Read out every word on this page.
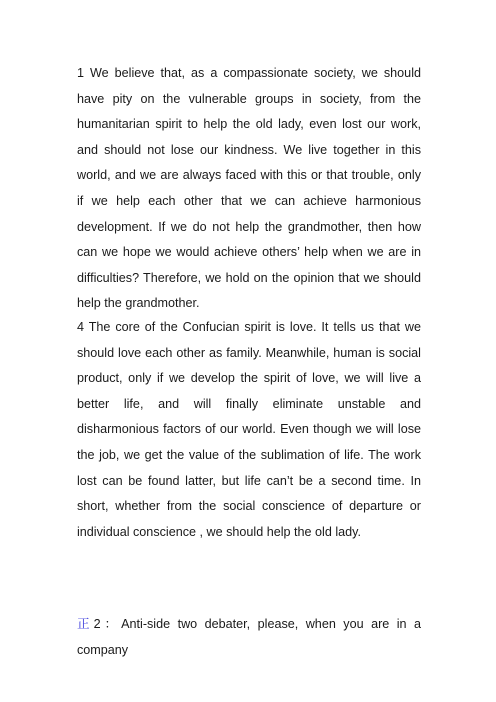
1 We believe that, as a compassionate society, we should have pity on the vulnerable groups in society, from the humanitarian spirit to help the old lady, even lost our work, and should not lose our kindness. We live together in this world, and we are always faced with this or that trouble, only if we help each other that we can achieve harmonious development. If we do not help the grandmother, then how can we hope we would achieve others’ help when we are in difficulties? Therefore, we hold on the opinion that we should help the grandmother.

4 The core of the Confucian spirit is love. It tells us that we should love each other as family. Meanwhile, human is social product, only if we develop the spirit of love, we will live a better life, and will finally eliminate unstable and disharmonious factors of our world. Even though we will lose the job, we get the value of the sublimation of life. The work lost can be found latter, but life can’t be a second time. In short, whether from the social conscience of departure or individual conscience , we should help the old lady.

正2：Anti-side two debater, please, when you are in a company
